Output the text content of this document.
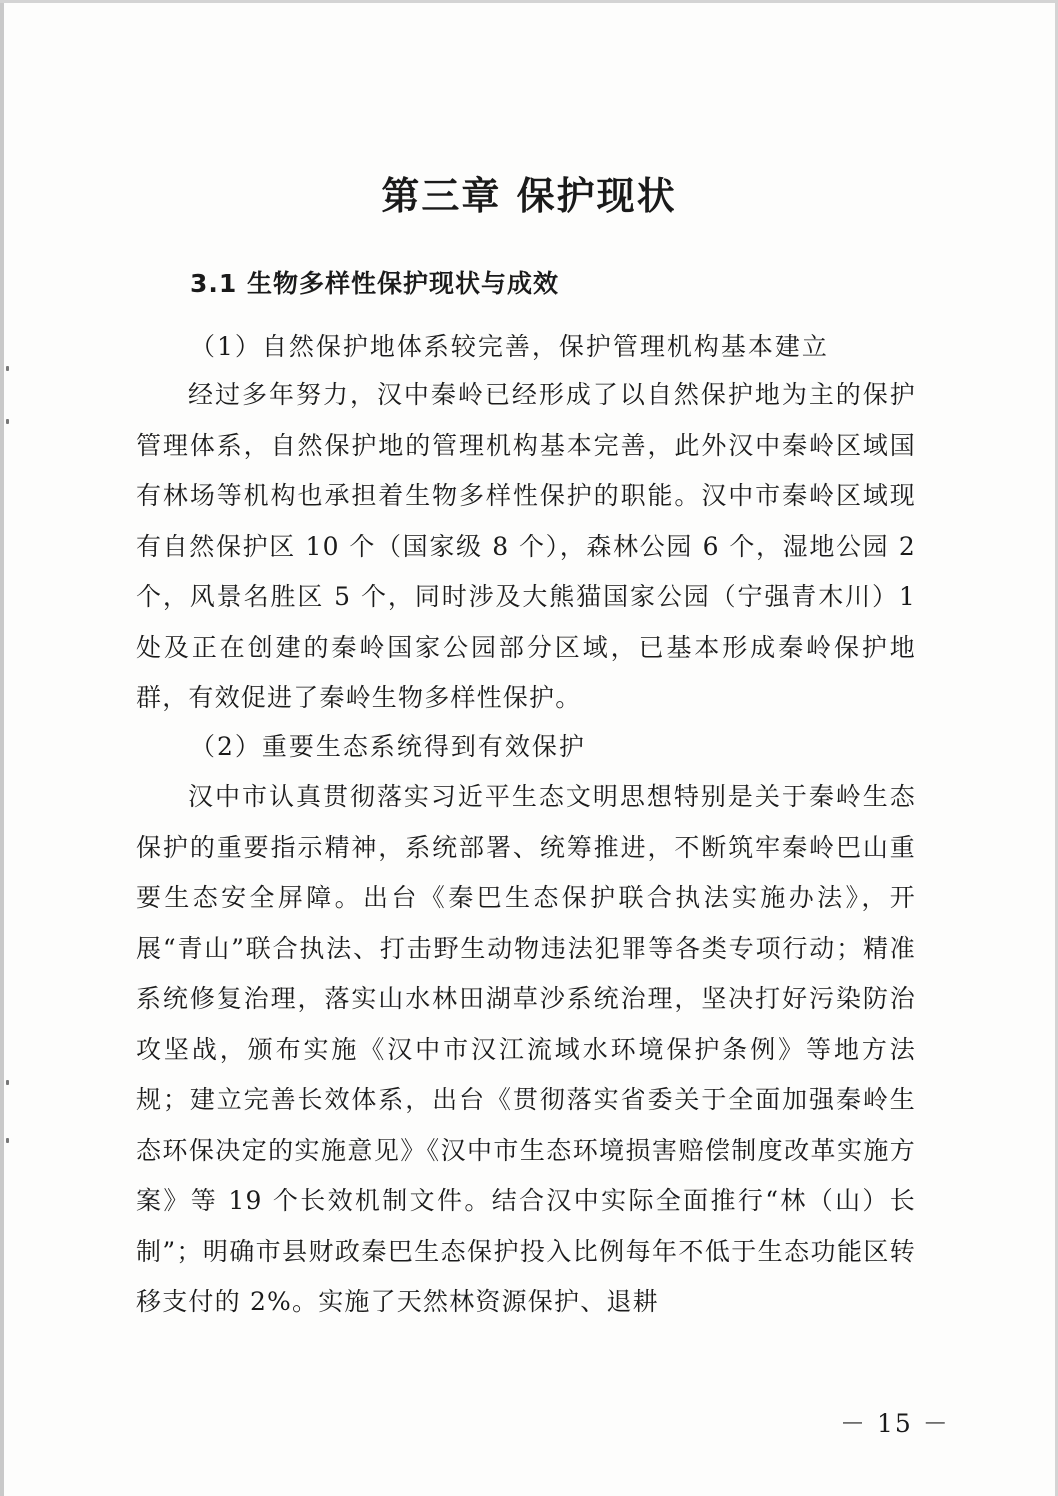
第三章 保护现状
3.1 生物多样性保护现状与成效

（1）自然保护地体系较完善，保护管理机构基本建立

经过多年努力，汉中秦岭已经形成了以自然保护地为主的保护管理体系，自然保护地的管理机构基本完善，此外汉中秦岭区域国有林场等机构也承担着生物多样性保护的职能。汉中市秦岭区域现有自然保护区 10 个（国家级 8 个），森林公园 6 个，湿地公园 2 个，风景名胜区 5 个，同时涉及大熊猫国家公园（宁强青木川）1 处及正在创建的秦岭国家公园部分区域，已基本形成秦岭保护地群，有效促进了秦岭生物多样性保护。

（2）重要生态系统得到有效保护

汉中市认真贯彻落实习近平生态文明思想特别是关于秦岭生态保护的重要指示精神，系统部署、统筹推进，不断筑牢秦岭巴山重要生态安全屏障。出台《秦巴生态保护联合执法实施办法》，开展“青山”联合执法、打击野生动物违法犯罪等各类专项行动；精准系统修复治理，落实山水林田湖草沙系统治理，坚决打好污染防治攻坚战，颁布实施《汉中市汉江流域水环境保护条例》等地方法规；建立完善长效体系，出台《贯彻落实省委关于全面加强秦岭生态环保决定的实施意见》《汉中市生态环境损害赔偿制度改革实施方案》等 19 个长效机制文件。结合汉中实际全面推行“林（山）长制”；明确市县财政秦巴生态保护投入比例每年不低于生态功能区转移支付的 2%。实施了天然林资源保护、退耕

－ 15 －
